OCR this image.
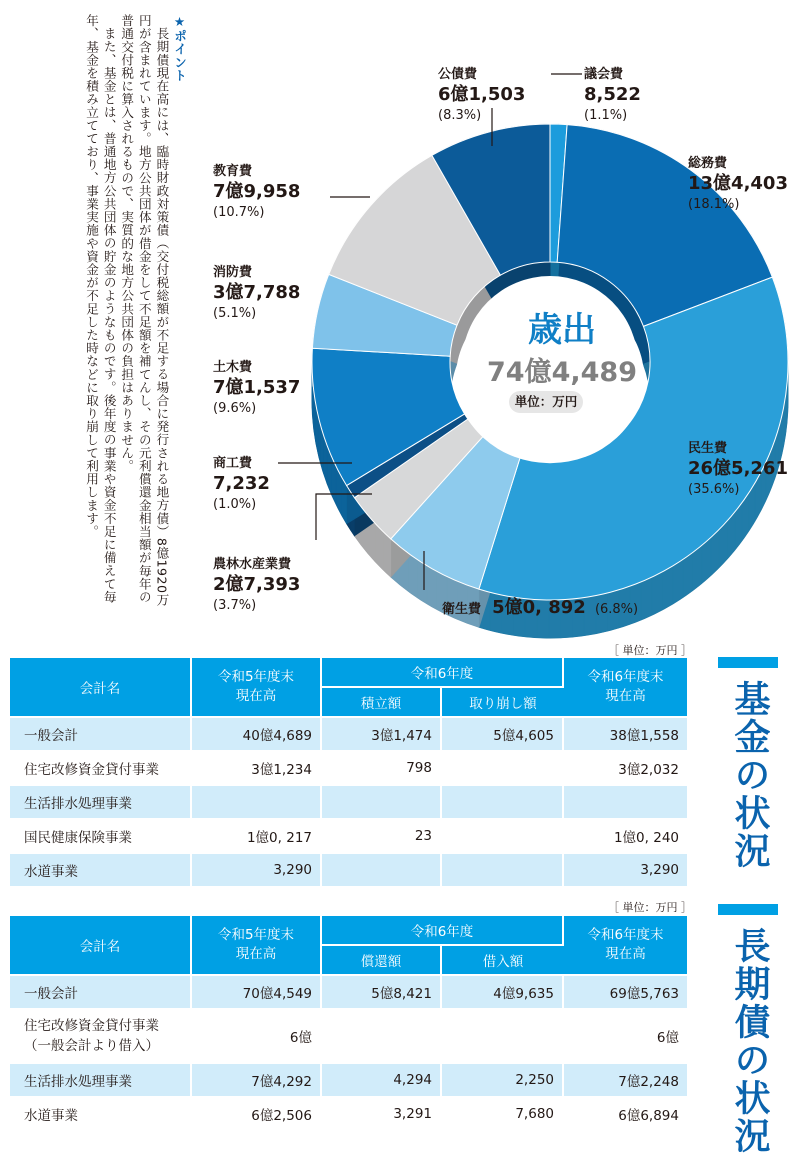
★ポイント
長期債現在高には、臨時財政対策債（交付税総額が不足する場合に発行される地方債）8億1920万円が含まれています。地方公共団体が借金をして不足額を補てんし、その元利償還金相当額が毎年の普通交付税に算入されるもので、実質的な地方公共団体の負担はありません。
また、基金とは、普通地方公共団体の貯金のようなものです。後年度の事業や資金不足に備えて毎年、基金を積み立てており、事業実施や資金が不足した時などに取り崩して利用します。	歳出
74億4,489
単位：万円
議会費
8,522
(1.1%)
総務費
13億4,403
(18.1%)
民生費
26億5,261
(35.6%)
衛生費 5億0, 892 (6.8%)
農林水産業費
2億7,393
(3.7%)
商工費
7,232
(1.0%)
土木費
7億1,537
(9.6%)
消防費
3億7,788
(5.1%)
教育費
7億9,958
(10.7%)
公債費
6億1,503
(8.3%)
［ 単位：万円 ］
会計名	令和5年度末現在高	令和6年度		令和6年度末現在高
		積立額	取り崩し額	
一般会計	40億4,689	3億1,474	5億4,605	38億1,558
住宅改修資金貸付事業	3億1,234	798		3億2,032
生活排水処理事業				
国民健康保険事業	1億0, 217	23		1億0, 240
水道事業	3,290			3,290 基金の状況
［ 単位：万円 ］
会計名	令和5年度末現在高	令和6年度		令和6年度末現在高
		償還額	借入額	
一般会計	70億4,549	5億8,421	4億9,635	69億5,763
住宅改修資金貸付事業
（一般会計より借入）	6億			6億
生活排水処理事業	7億4,292	4,294	2,250	7億2,248
水道事業	6億2,506	3,291	7,680	6億6,894 長期債の状況
